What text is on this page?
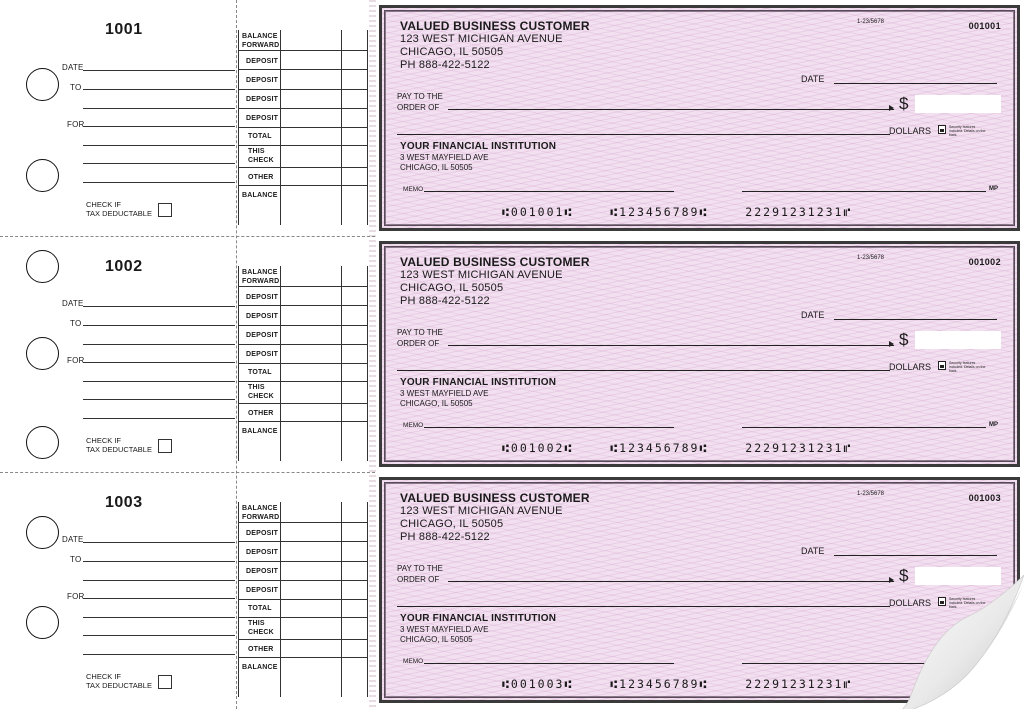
1001
DATE
TO
FOR
CHECK IF
TAX DEDUCTABLE
BALANCE
FORWARD
DEPOSIT
DEPOSIT
DEPOSIT
DEPOSIT
TOTAL
THIS
CHECK
OTHER
BALANCE
VALUED BUSINESS CUSTOMER
123 WEST MICHIGAN AVENUE
CHICAGO, IL 50505
PH 888-422-5122
1-23/5678	001001
DATE
PAY TO THE
ORDER OF	$
DOLLARS	Security features included. Details on the back.
YOUR FINANCIAL INSTITUTION
3 WEST MAYFIELD AVE
CHICAGO, IL 50505
MEMO	MP
⑆001001⑆ ⑆123456789⑆ 22291231231⑈
1002
DATE
TO
FOR
CHECK IF
TAX DEDUCTABLE
BALANCE
FORWARD
DEPOSIT
DEPOSIT
DEPOSIT
DEPOSIT
TOTAL
THIS
CHECK
OTHER
BALANCE
VALUED BUSINESS CUSTOMER
123 WEST MICHIGAN AVENUE
CHICAGO, IL 50505
PH 888-422-5122
1-23/5678	001002
DATE
PAY TO THE
ORDER OF	$
DOLLARS	Security features included. Details on the back.
YOUR FINANCIAL INSTITUTION
3 WEST MAYFIELD AVE
CHICAGO, IL 50505
MEMO	MP
⑆001002⑆ ⑆123456789⑆ 22291231231⑈
1003
DATE
TO
FOR
CHECK IF
TAX DEDUCTABLE
BALANCE
FORWARD
DEPOSIT
DEPOSIT
DEPOSIT
DEPOSIT
TOTAL
THIS
CHECK
OTHER
BALANCE
VALUED BUSINESS CUSTOMER
123 WEST MICHIGAN AVENUE
CHICAGO, IL 50505
PH 888-422-5122
1-23/5678	001003
DATE
PAY TO THE
ORDER OF	$
DOLLARS	Security features included. Details on the back.
YOUR FINANCIAL INSTITUTION
3 WEST MAYFIELD AVE
CHICAGO, IL 50505
MEMO
⑆001003⑆ ⑆123456789⑆ 22291231231⑈
